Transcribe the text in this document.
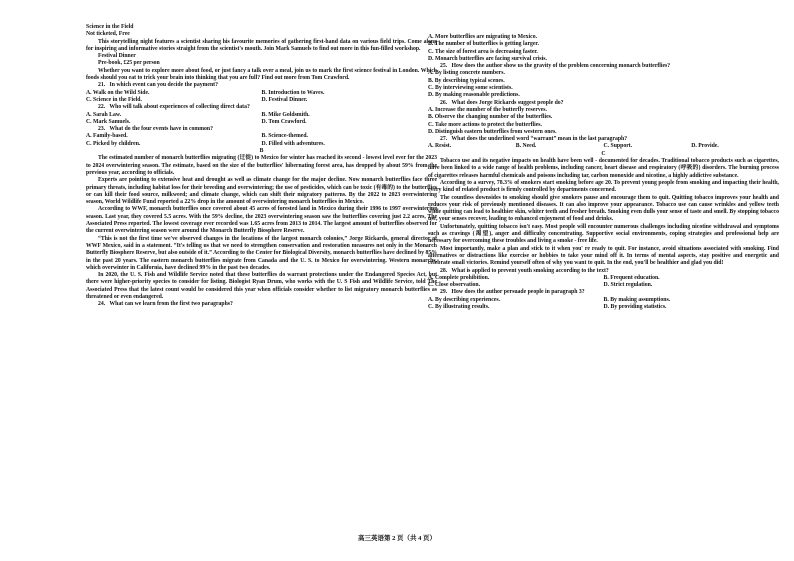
Science in the Field

Not ticketed, Free

This storytelling night features a scientist sharing his favourite memories of gathering first-hand data on various field trips. Come along for inspiring and informative stories straight from the scientist's mouth. Join Mark Samuels to find out more in this fun-filled workshop.

Festival Dinner

Pre-book, £25 per person

Whether you want to explore more about food, or just fancy a talk over a meal, join us to mark the first science festival in London. Which foods should you eat to trick your brain into thinking that you are full? Find out more from Tom Crawford.

21.   In which event can you decide the payment?

A. Walk on the Wild Side.	B. Introduction to Waves.
C. Science in the Field.	D. Festival Dinner.

22.   Who will talk about experiences of collecting direct data?

A. Sarah Law.	B. Mike Goldsmith.
C. Mark Samuels.	D. Tom Crawford.

23.   What do the four events have in common?

A. Family-based.	B. Science-themed.
C. Picked by children.	D. Filled with adventures.

B

The estimated number of monarch butterflies migrating (迁徙) to Mexico for winter has reached its second - lowest level ever for the 2023 to 2024 overwintering season. The estimate, based on the size of the butterflies' hibernating forest area, has dropped by about 59% from the previous year, according to officials.

Experts are pointing to extensive heat and drought as well as climate change for the major decline. Now monarch butterflies face three primary threats, including habitat loss for their breeding and overwintering; the use of pesticides, which can be toxic (有毒的) to the butterflies or can kill their food source, milkweed; and climate change, which can shift their migratory patterns. By the 2022 to 2023 overwintering season, World Wildlife Fund reported a 22% drop in the amount of overwintering monarch butterflies in Mexico.

According to WWF, monarch butterflies once covered about 45 acres of forested land in Mexico during their 1996 to 1997 overwintering season. Last year, they covered 5.5 acres. With the 59% decline, the 2023 overwintering season saw the butterflies covering just 2.2 acres, The Associated Press reported. The lowest coverage ever recorded was 1.65 acres from 2013 to 2014. The largest amount of butterflies observed for the current overwintering season were around the Monarch Butterfly Biosphere Reserve.

“This is not the first time we've observed changes in the locations of the largest monarch colonies,” Jorge Rickards, general director of WWF Mexico, said in a statement. “It's telling us that we need to strengthen conservation and restoration measures not only in the Monarch Butterfly Biosphere Reserve, but also outside of it.” According to the Center for Biological Diversity, monarch butterflies have declined by 85% in the past 20 years. The eastern monarch butterflies migrate from Canada and the U. S. to Mexico for overwintering. Western monarchs, which overwinter in California, have declined 99% in the past two decades.

In 2020, the U. S. Fish and Wildlife Service noted that these butterflies do warrant protections under the Endangered Species Act, but there were higher-priority species to consider for listing. Biologist Ryan Drum, who works with the U. S Fish and Wildlife Service, told The Associated Press that the latest count would be considered this year when officials consider whether to list migratory monarch butterflies as threatened or even endangered.

24.   What can we learn from the first two paragraphs?

A. More butterflies are migrating to Mexico.

B. The number of butterflies is getting larger.

C. The size of forest area is decreasing faster.

D. Monarch butterflies are facing survival crisis.

25.   How does the author show us the gravity of the problem concerning monarch butterflies?

A. By listing concrete numbers.

B. By describing typical scenes.

C. By interviewing some scientists.

D. By making reasonable predictions.

26.   What does Jorge Rickards suggest people do?

A. Increase the number of the butterfly reserves.

B. Observe the changing number of the butterflies.

C. Take more actions to protect the butterflies.

D. Distinguish eastern butterflies from western ones.

27.   What does the underlined word “warrant” mean in the last paragraph?

A. Resist.	B. Need.	C. Support.	D. Provide.

C

Tobacco use and its negative impacts on health have been well - documented for decades. Traditional tobacco products such as cigarettes, have been linked to a wide range of health problems, including cancer, heart disease and respiratory (呼吸的) disorders. The burning process of cigarettes releases harmful chemicals and poisons including tar, carbon monoxide and nicotine, a highly addictive substance.

According to a survey, 78.3% of smokers start smoking before age 20. To prevent young people from smoking and impacting their health, every kind of related product is firmly controlled by departments concerned.

The countless downsides to smoking should give smokers pause and encourage them to quit. Quitting tobacco improves your health and reduces your risk of previously mentioned diseases. It can also improve your appearance. Tobacco use can cause wrinkles and yellow teeth while quitting can lead to healthier skin, whiter teeth and fresher breath. Smoking even dulls your sense of taste and smell. By stopping tobacco use, your senses recover, leading to enhanced enjoyment of food and drinks.

Unfortunately, quitting tobacco isn't easy. Most people will encounter numerous challenges including nicotine withdrawal and symptoms such as cravings (渴望), anger and difficulty concentrating. Supportive social environments, coping strategies and professional help are necessary for overcoming these troubles and living a smoke - free life.

Most importantly, make a plan and stick to it when you' re ready to quit. For instance, avoid situations associated with smoking. Find alternatives or distractions like exercise or hobbies to take your mind off it. In terms of mental aspects, stay positive and energetic and celebrate small victories. Remind yourself often of why you want to quit. In the end, you'll be healthier and glad you did!

28.   What is applied to prevent youth smoking according to the text?

A. Complete prohibition.	B. Frequent education.
C. Close observation.	D. Strict regulation.

29.   How does the author persuade people in paragraph 3?

A. By describing experiences.	B. By making assumptions.
C. By illustrating results.	D. By providing statistics.
高三英语第 2 页（共 4 页）
